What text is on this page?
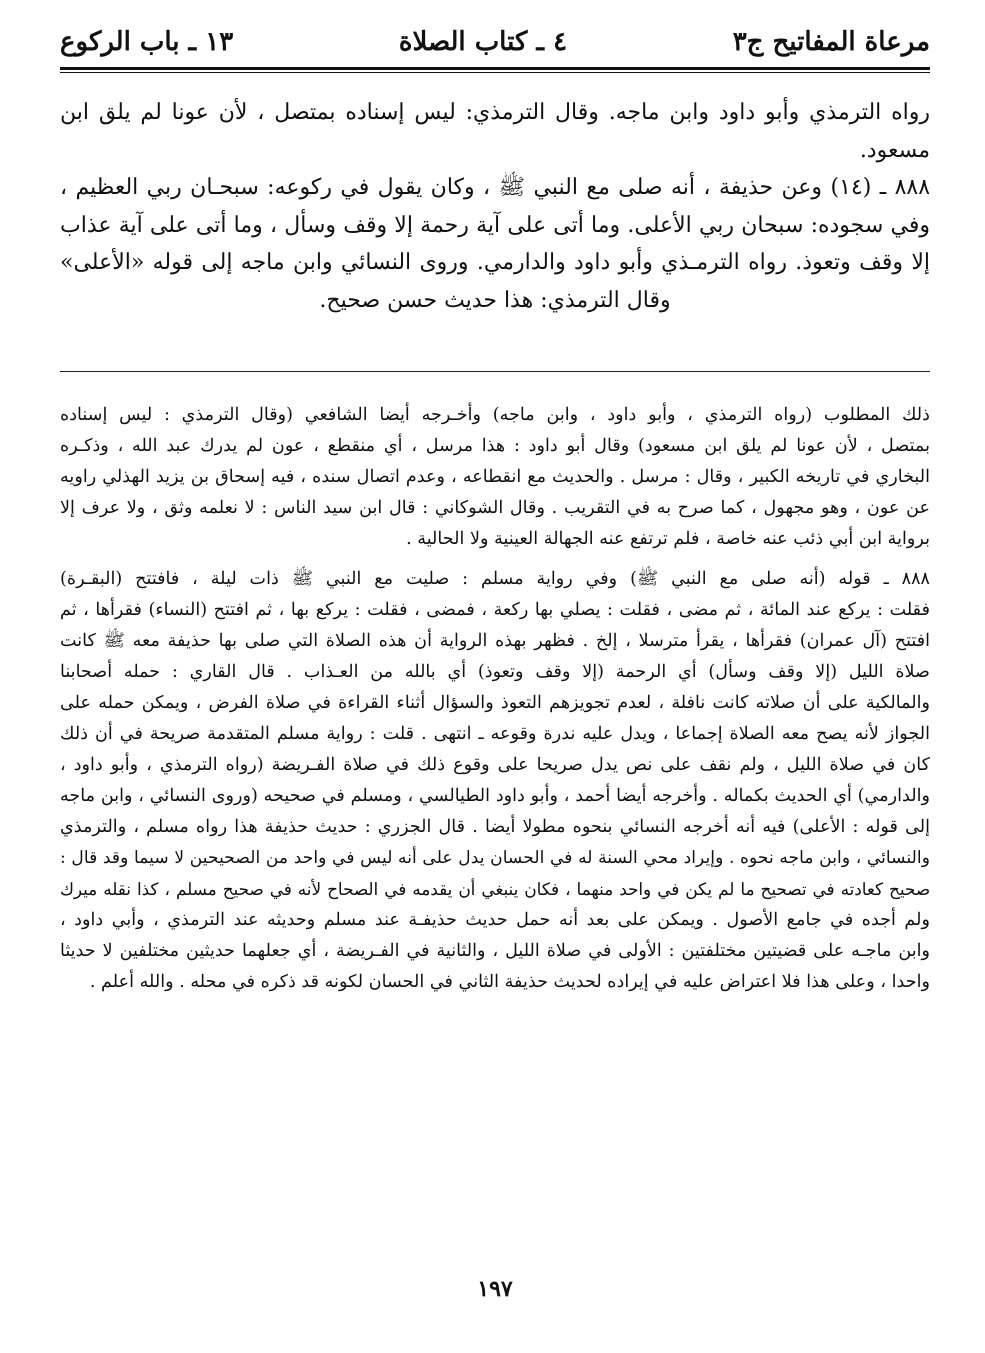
مرعاة المفاتيح ج٣
٤ ـ كتاب الصلاة
١٣ ـ باب الركوع

رواه الترمذي وأبو داود وابن ماجه. وقال الترمذي: ليس إسناده بمتصل ، لأن عونا لم يلق ابن مسعود.

٨٨٨ ـ (١٤) وعن حذيفة ، أنه صلى مع النبي ﷺ ، وكان يقول في ركوعه: سبحـان ربي العظيم ،

وفي سجوده: سبحان ربي الأعلى. وما أتى على آية رحمة إلا وقف وسأل ، وما أتى على آية عذاب

إلا وقف وتعوذ. رواه الترمـذي وأبو داود والدارمي. وروى النسائي وابن ماجه إلى قوله «الأعلى»

وقال الترمذي: هذا حديث حسن صحيح.

ذلك المطلوب (رواه الترمذي ، وأبو داود ، وابن ماجه) وأخـرجه أيضا الشافعي (وقال الترمذي : ليس إسناده
بمتصل ، لأن عونا لم يلق ابن مسعود) وقال أبو داود : هذا مرسل ، أي منقطع ، عون لم يدرك عبد الله ، وذكـره
البخاري في تاريخه الكبير ، وقال : مرسل . والحديث مع انقطاعه ، وعدم اتصال سنده ، فيه إسحاق بن يزيد الهذلي راويه
عن عون ، وهو مجهول ، كما صرح به في التقريب . وقال الشوكاني : قال ابن سيد الناس : لا نعلمه وثق ، ولا عرف إلا
برواية ابن أبي ذئب عنه خاصة ، فلم ترتفع عنه الجهالة العينية ولا الحالية .
٨٨٨ ـ قوله (أنه صلى مع النبي ﷺ) وفي رواية مسلم : صليت مع النبي ﷺ ذات ليلة ، فافتتح (البقـرة)
فقلت : يركع عند المائة ، ثم مضى ، فقلت : يصلي بها ركعة ، فمضى ، فقلت : يركع بها ، ثم افتتح (النساء) فقرأها ، ثم
افتتح (آل عمران) فقرأها ، يقرأ مترسلا ، إلخ . فظهر بهذه الرواية أن هذه الصلاة التي صلى بها حذيفة معه ﷺ كانت
صلاة الليل (إلا وقف وسأل) أي الرحمة (إلا وقف وتعوذ) أي بالله من العـذاب . قال القاري : حمله أصحابنا
والمالكية على أن صلاته كانت نافلة ، لعدم تجويزهم التعوذ والسؤال أثناء القراءة في صلاة الفرض ، ويمكن حمله على
الجواز لأنه يصح معه الصلاة إجماعا ، ويدل عليه ندرة وقوعه ـ انتهى . قلت : رواية مسلم المتقدمة صريحة في أن ذلك
كان في صلاة الليل ، ولم نقف على نص يدل صريحا على وقوع ذلك في صلاة الفـريضة (رواه الترمذي ، وأبو داود ،
والدارمي) أي الحديث بكماله . وأخرجه أيضا أحمد ، وأبو داود الطيالسي ، ومسلم في صحيحه (وروى النسائي ، وابن ماجه
إلى قوله : الأعلى) فيه أنه أخرجه النسائي بنحوه مطولا أيضا . قال الجزري : حديث حذيفة هذا رواه مسلم ، والترمذي
والنسائي ، وابن ماجه نحوه . وإيراد محي السنة له في الحسان يدل على أنه ليس في واحد من الصحيحين لا سيما وقد قال :
صحيح كعادته في تصحيح ما لم يكن في واحد منهما ، فكان ينبغي أن يقدمه في الصحاح لأنه في صحيح مسلم ، كذا نقله ميرك
ولم أجده في جامع الأصول . ويمكن على بعد أنه حمل حديث حذيفـة عند مسلم وحديثه عند الترمذي ، وأبي داود ،
وابن ماجـه على قضيتين مختلفتين : الأولى في صلاة الليل ، والثانية في الفـريضة ، أي جعلهما حديثين مختلفين لا حديثا
واحدا ، وعلى هذا فلا اعتراض عليه في إيراده لحديث حذيفة الثاني في الحسان لكونه قد ذكره في محله . والله أعلم .
١٩٧
